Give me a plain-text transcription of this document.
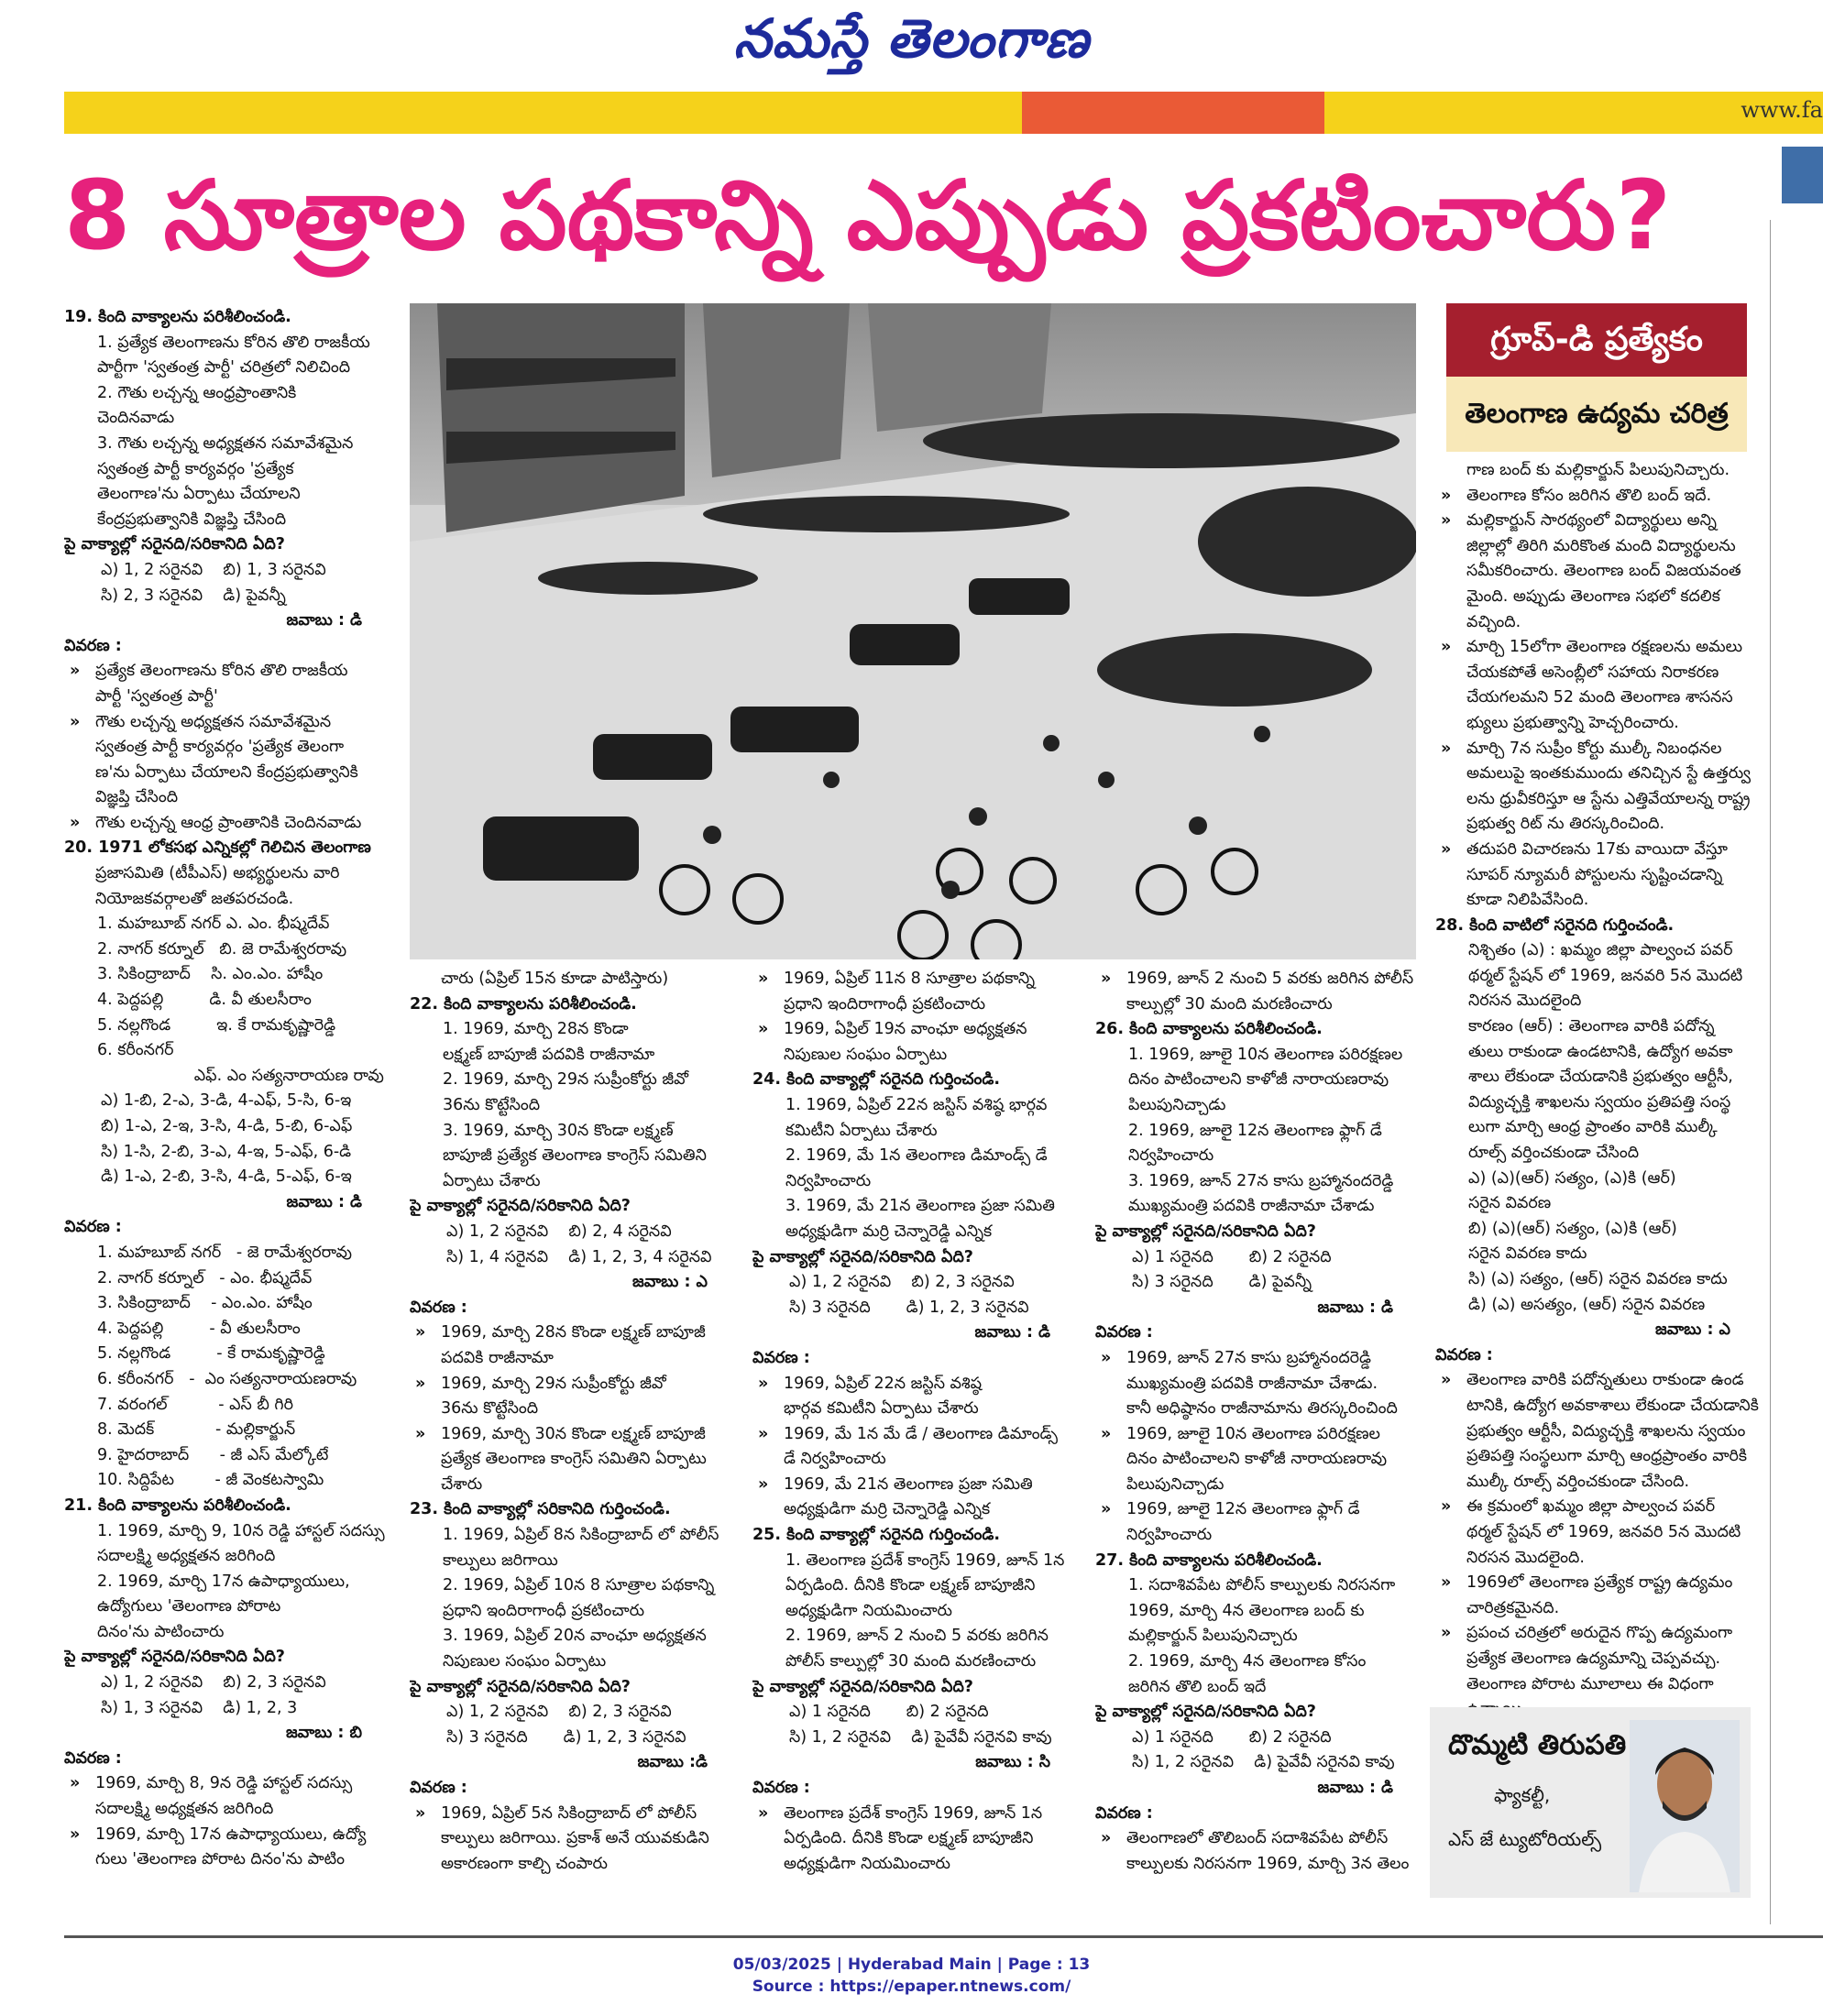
నమస్తే తెలంగాణ
www.fa
8 సూత్రాల పథకాన్ని ఎప్పుడు ప్రకటించారు?
గ్రూప్-డి ప్రత్యేకం
తెలంగాణ ఉద్యమ చరిత్ర

19. కింది వాక్యాలను పరిశీలించండి.

1. ప్రత్యేక తెలంగాణను కోరిన తొలి రాజకీయ

పార్టీగా 'స్వతంత్ర పార్టీ' చరిత్రలో నిలిచింది

2. గౌతు లచ్చన్న ఆంధ్రప్రాంతానికి

చెందినవాడు

3. గౌతు లచ్చన్న అధ్యక్షతన సమావేశమైన

స్వతంత్ర పార్టీ కార్యవర్గం 'ప్రత్యేక

తెలంగాణ'ను ఏర్పాటు చేయాలని

కేంద్రప్రభుత్వానికి విజ్ఞప్తి చేసింది

పై వాక్యాల్లో సరైనది/సరికానిది ఏది?

ఎ) 1, 2 సరైనవి    బి) 1, 3 సరైనవి

సి) 2, 3 సరైనవి    డి) పైవన్నీ

జవాబు : డి

వివరణ :

» ప్రత్యేక తెలంగాణను కోరిన తొలి రాజకీయ

పార్టీ 'స్వతంత్ర పార్టీ'

» గౌతు లచ్చన్న అధ్యక్షతన సమావేశమైన

స్వతంత్ర పార్టీ కార్యవర్గం 'ప్రత్యేక తెలంగా

ణ'ను ఏర్పాటు చేయాలని కేంద్రప్రభుత్వానికి

విజ్ఞప్తి చేసింది

» గౌతు లచ్చన్న ఆంధ్ర ప్రాంతానికి చెందినవాడు

20. 1971 లోకసభ ఎన్నికల్లో గెలిచిన తెలంగాణ

ప్రజాసమితి (టీపీఎస్) అభ్యర్థులను వారి

నియోజకవర్గాలతో జతపరచండి.

1. మహబూబ్ నగర్ ఎ. ఎం. భీష్మదేవ్

2. నాగర్ కర్నూల్   బి. జె రామేశ్వరరావు

3. సికింద్రాబాద్    సి. ఎం.ఎం. హాషీం

4. పెద్దపల్లి         డి. వీ తులసీరాం

5. నల్లగొండ         ఇ. కే రామకృష్ణారెడ్డి

6. కరీంనగర్

ఎఫ్. ఎం సత్యనారాయణ రావు

ఎ) 1-బి, 2-ఎ, 3-డి, 4-ఎఫ్, 5-సి, 6-ఇ

బి) 1-ఎ, 2-ఇ, 3-సి, 4-డి, 5-బి, 6-ఎఫ్

సి) 1-సి, 2-బి, 3-ఎ, 4-ఇ, 5-ఎఫ్, 6-డి

డి) 1-ఎ, 2-బి, 3-సి, 4-డి, 5-ఎఫ్, 6-ఇ

జవాబు : డి

వివరణ :

1. మహబూబ్ నగర్   - జె రామేశ్వరరావు

2. నాగర్ కర్నూల్   - ఎం. భీష్మదేవ్

3. సికింద్రాబాద్    - ఎం.ఎం. హాషీం

4. పెద్దపల్లి         - వీ తులసీరాం

5. నల్లగొండ         - కే రామకృష్ణారెడ్డి

6. కరీంనగర్   -  ఎం సత్యనారాయణరావు

7. వరంగల్          - ఎస్ బీ గిరి

8. మెదక్            - మల్లికార్జున్

9. హైదరాబాద్      - జీ ఎస్ మేల్కోటే

10. సిద్దిపేట        - జీ వెంకటస్వామి

21. కింది వాక్యాలను పరిశీలించండి.

1. 1969, మార్చి 9, 10న రెడ్డి హాస్టల్ సదస్సు

సదాలక్ష్మి అధ్యక్షతన జరిగింది

2. 1969, మార్చి 17న ఉపాధ్యాయులు,

ఉద్యోగులు 'తెలంగాణ పోరాట

దినం'ను పాటించారు

పై వాక్యాల్లో సరైనది/సరికానిది ఏది?

ఎ) 1, 2 సరైనవి    బి) 2, 3 సరైనవి

సి) 1, 3 సరైనవి    డి) 1, 2, 3

జవాబు : బి

వివరణ :

» 1969, మార్చి 8, 9న రెడ్డి హాస్టల్ సదస్సు

సదాలక్ష్మి అధ్యక్షతన జరిగింది

» 1969, మార్చి 17న ఉపాధ్యాయులు, ఉద్యో

గులు 'తెలంగాణ పోరాట దినం'ను పాటిం

చారు (ఏప్రిల్ 15న కూడా పాటిస్తారు)

22. కింది వాక్యాలను పరిశీలించండి.

1. 1969, మార్చి 28న కొండా

లక్ష్మణ్ బాపూజీ పదవికి రాజీనామా

2. 1969, మార్చి 29న సుప్రీంకోర్టు జీవో

36ను కొట్టేసింది

3. 1969, మార్చి 30న కొండా లక్ష్మణ్

బాపూజీ ప్రత్యేక తెలంగాణ కాంగ్రెస్ సమితిని

ఏర్పాటు చేశారు

పై వాక్యాల్లో సరైనది/సరికానిది ఏది?

ఎ) 1, 2 సరైనవి    బి) 2, 4 సరైనవి

సి) 1, 4 సరైనవి    డి) 1, 2, 3, 4 సరైనవి

జవాబు : ఎ

వివరణ :

» 1969, మార్చి 28న కొండా లక్ష్మణ్ బాపూజీ

పదవికి రాజీనామా

» 1969, మార్చి 29న సుప్రీంకోర్టు జీవో

36ను కొట్టేసింది

» 1969, మార్చి 30న కొండా లక్ష్మణ్ బాపూజీ

ప్రత్యేక తెలంగాణ కాంగ్రెస్ సమితిని ఏర్పాటు

చేశారు

23. కింది వాక్యాల్లో సరికానిది గుర్తించండి.

1. 1969, ఏప్రిల్ 8న సికింద్రాబాద్ లో పోలీస్

కాల్పులు జరిగాయి

2. 1969, ఏప్రిల్ 10న 8 సూత్రాల పథకాన్ని

ప్రధాని ఇందిరాగాంధీ ప్రకటించారు

3. 1969, ఏప్రిల్ 20న వాంఛూ అధ్యక్షతన

నిపుణుల సంఘం ఏర్పాటు

పై వాక్యాల్లో సరైనది/సరికానిది ఏది?

ఎ) 1, 2 సరైనవి    బి) 2, 3 సరైనవి

సి) 3 సరైనది       డి) 1, 2, 3 సరైనవి

జవాబు :డి

వివరణ :

» 1969, ఏప్రిల్ 5న సికింద్రాబాద్ లో పోలీస్

కాల్పులు జరిగాయి. ప్రకాశ్ అనే యువకుడిని

అకారణంగా కాల్చి చంపారు

» 1969, ఏప్రిల్ 11న 8 సూత్రాల పథకాన్ని

ప్రధాని ఇందిరాగాంధీ ప్రకటించారు

» 1969, ఏప్రిల్ 19న వాంఛూ అధ్యక్షతన

నిపుణుల సంఘం ఏర్పాటు

24. కింది వాక్యాల్లో సరైనది గుర్తించండి.

1. 1969, ఏప్రిల్ 22న జస్టిస్ వశిష్ఠ భార్గవ

కమిటీని ఏర్పాటు చేశారు

2. 1969, మే 1న తెలంగాణ డిమాండ్స్ డే

నిర్వహించారు

3. 1969, మే 21న తెలంగాణ ప్రజా సమితి

అధ్యక్షుడిగా మర్రి చెన్నారెడ్డి ఎన్నిక

పై వాక్యాల్లో సరైనది/సరికానిది ఏది?

ఎ) 1, 2 సరైనవి    బి) 2, 3 సరైనవి

సి) 3 సరైనది       డి) 1, 2, 3 సరైనవి

జవాబు : డి

వివరణ :

» 1969, ఏప్రిల్ 22న జస్టిస్ వశిష్ఠ

భార్గవ కమిటీని ఏర్పాటు చేశారు

» 1969, మే 1న మే డే / తెలంగాణ డిమాండ్స్

డే నిర్వహించారు

» 1969, మే 21న తెలంగాణ ప్రజా సమితి

అధ్యక్షుడిగా మర్రి చెన్నారెడ్డి ఎన్నిక

25. కింది వాక్యాల్లో సరైనది గుర్తించండి.

1. తెలంగాణ ప్రదేశ్ కాంగ్రెస్ 1969, జూన్ 1న

ఏర్పడింది. దీనికి కొండా లక్ష్మణ్ బాపూజీని

అధ్యక్షుడిగా నియమించారు

2. 1969, జూన్ 2 నుంచి 5 వరకు జరిగిన

పోలీస్ కాల్పుల్లో 30 మంది మరణించారు

పై వాక్యాల్లో సరైనది/సరికానిది ఏది?

ఎ) 1 సరైనది       బి) 2 సరైనది

సి) 1, 2 సరైనవి    డి) పైవేవీ సరైనవి కావు

జవాబు : సి

వివరణ :

» తెలంగాణ ప్రదేశ్ కాంగ్రెస్ 1969, జూన్ 1న

ఏర్పడింది. దీనికి కొండా లక్ష్మణ్ బాపూజీని

అధ్యక్షుడిగా నియమించారు

» 1969, జూన్ 2 నుంచి 5 వరకు జరిగిన పోలీస్

కాల్పుల్లో 30 మంది మరణించారు

26. కింది వాక్యాలను పరిశీలించండి.

1. 1969, జూలై 10న తెలంగాణ పరిరక్షణల

దినం పాటించాలని కాళోజీ నారాయణరావు

పిలుపునిచ్చాడు

2. 1969, జూలై 12న తెలంగాణ ఫ్లాగ్ డే

నిర్వహించారు

3. 1969, జూన్ 27న కాసు బ్రహ్మానందరెడ్డి

ముఖ్యమంత్రి పదవికి రాజీనామా చేశాడు

పై వాక్యాల్లో సరైనది/సరికానిది ఏది?

ఎ) 1 సరైనది       బి) 2 సరైనది

సి) 3 సరైనది       డి) పైవన్నీ

జవాబు : డి

వివరణ :

» 1969, జూన్ 27న కాసు బ్రహ్మానందరెడ్డి

ముఖ్యమంత్రి పదవికి రాజీనామా చేశాడు.

కానీ అధిష్ఠానం రాజీనామాను తిరస్కరించింది

» 1969, జూలై 10న తెలంగాణ పరిరక్షణల

దినం పాటించాలని కాళోజీ నారాయణరావు

పిలుపునిచ్చాడు

» 1969, జూలై 12న తెలంగాణ ఫ్లాగ్ డే

నిర్వహించారు

27. కింది వాక్యాలను పరిశీలించండి.

1. సదాశివపేట పోలీస్ కాల్పులకు నిరసనగా

1969, మార్చి 4న తెలంగాణ బంద్ కు

మల్లికార్జున్ పిలుపునిచ్చారు

2. 1969, మార్చి 4న తెలంగాణ కోసం

జరిగిన తొలి బంద్ ఇదే

పై వాక్యాల్లో సరైనది/సరికానిది ఏది?

ఎ) 1 సరైనది       బి) 2 సరైనది

సి) 1, 2 సరైనవి    డి) పైవేవీ సరైనవి కావు

జవాబు : డి

వివరణ :

» తెలంగాణలో తొలిబంద్ సదాశివపేట పోలీస్

కాల్పులకు నిరసనగా 1969, మార్చి 3న తెలం

గాణ బంద్ కు మల్లికార్జున్ పిలుపునిచ్చారు.

» తెలంగాణ కోసం జరిగిన తొలి బంద్ ఇదే.

» మల్లికార్జున్ సారథ్యంలో విద్యార్థులు అన్ని

జిల్లాల్లో తిరిగి మరికొంత మంది విద్యార్థులను

సమీకరించారు. తెలంగాణ బంద్ విజయవంత

మైంది. అప్పుడు తెలంగాణ సభలో కదలిక

వచ్చింది.

» మార్చి 15లోగా తెలంగాణ రక్షణలను అమలు

చేయకపోతే అసెంబ్లీలో సహాయ నిరాకరణ

చేయగలమని 52 మంది తెలంగాణ శాసనస

భ్యులు ప్రభుత్వాన్ని హెచ్చరించారు.

» మార్చి 7న సుప్రీం కోర్టు ముల్కీ నిబంధనల

అమలుపై ఇంతకుముందు తనిచ్చిన స్టే ఉత్తర్వు

లను ధ్రువీకరిస్తూ ఆ స్టేను ఎత్తివేయాలన్న రాష్ట్ర

ప్రభుత్వ రిట్ ను తిరస్కరించింది.

» తదుపరి విచారణను 17కు వాయిదా వేస్తూ

సూపర్ న్యూమరీ పోస్టులను సృష్టించడాన్ని

కూడా నిలిపివేసింది.

28. కింది వాటిలో సరైనది గుర్తించండి.

నిశ్చితం (ఎ) : ఖమ్మం జిల్లా పాల్వంచ పవర్

థర్మల్ స్టేషన్ లో 1969, జనవరి 5న మొదటి

నిరసన మొదలైంది

కారణం (ఆర్) : తెలంగాణ వారికి పదోన్న

తులు రాకుండా ఉండటానికి, ఉద్యోగ అవకా

శాలు లేకుండా చేయడానికి ప్రభుత్వం ఆర్టీసీ,

విద్యుచ్ఛక్తి శాఖలను స్వయం ప్రతిపత్తి సంస్థ

లుగా మార్చి ఆంధ్ర ప్రాంతం వారికి ముల్కీ

రూల్స్ వర్తించకుండా చేసింది

ఎ) (ఎ)(ఆర్) సత్యం, (ఎ)కి (ఆర్)

సరైన వివరణ

బి) (ఎ)(ఆర్) సత్యం, (ఎ)కి (ఆర్)

సరైన వివరణ కాదు

సి) (ఎ) సత్యం, (ఆర్) సరైన వివరణ కాదు

డి) (ఎ) అసత్యం, (ఆర్) సరైన వివరణ

జవాబు : ఎ

వివరణ :

» తెలంగాణ వారికి పదోన్నతులు రాకుండా ఉండ

టానికి, ఉద్యోగ అవకాశాలు లేకుండా చేయడానికి

ప్రభుత్వం ఆర్టీసీ, విద్యుచ్ఛక్తి శాఖలను స్వయం

ప్రతిపత్తి సంస్థలుగా మార్చి ఆంధ్రప్రాంతం వారికి

ముల్కీ రూల్స్ వర్తించకుండా చేసింది.

» ఈ క్రమంలో ఖమ్మం జిల్లా పాల్వంచ పవర్

థర్మల్ స్టేషన్ లో 1969, జనవరి 5న మొదటి

నిరసన మొదలైంది.

» 1969లో తెలంగాణ ప్రత్యేక రాష్ట్ర ఉద్యమం

చారిత్రకమైనది.

» ప్రపంచ చరిత్రలో అరుదైన గొప్ప ఉద్యమంగా

ప్రత్యేక తెలంగాణ ఉద్యమాన్ని చెప్పవచ్చు.

తెలంగాణ పోరాట మూలాలు ఈ విధంగా

దొమ్మటి తిరుపతి
ఫ్యాకల్టీ,
ఎస్ జే ట్యుటోరియల్స్
05/03/2025 | Hyderabad Main | Page : 13
Source : https://epaper.ntnews.com/
